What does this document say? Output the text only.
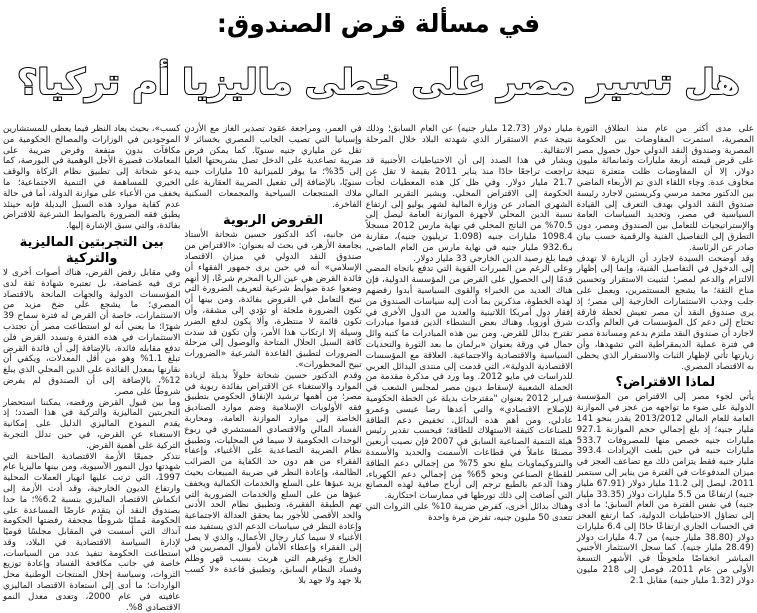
في مسألة قرض الصندوق:
هل تسير مصر على خطى ماليزيا أم تركيا؟

على مدى أكثر من عام منذ انطلاق الثورة المصرية، استمرت المفاوضات بين الحكومة المصرية وصندوق النقد الدولي حول حصول مصر على قرض قيمته أربعة مليارات وثمانمائة مليون دولار، إلا أن المفاوضات ظلت متعثرة نتيجة مخاوف عدة. وجاء اللقاء الذي تم الأربعاء الماضي بين الدكتور محمد مرسي وكريستين لاجارد رئيسة صندوق النقد الدولي بهدف التعرف إلى القيادة السياسية في مصر، وتحديد السياسات العامة والإستراتيجيات للتعامل بين الصندوق ومصر، دون التطرق إلى التفاصيل الفنية والرقمية حسب بيان صادر عن الرئاسة.

وقد أوضحت السيدة لاجارد أن الزيارة لا تهدف إلى الدخول في التفاصيل الفنية، وإنما إلى إظهار الالتزام والدعم لمصر؛ لتثبيت الاستقرار وتحسين مناخ الثقة؛ ما يشجع المستثمرين، ويعمل على جلب وجذب الاستثمارات الخارجية إلى مصر؛ إذ يرى صندوق النقد أن مصر تعيش لحظة فارقة تحتاج إلى دعم كل المؤسسات في العالم وأكدت لاجارد أن صندوق النقد ملتزم بدعم ومساندة مصر في فترة عملية الديمقراطية التي تشهدها، وأن زيارتها تأتي لإظهار الثبات والاستقرار الذي يحظى به الاقتصاد المصري.

لماذا الاقتراض؟

يأتي لجوء مصر إلى الاقتراض من المؤسسة الدولية على ضوء ما تواجهه من عجز في الموازنة العامة للعام المالي 2013/2012 يقدر بنحو 141 مليار جنيه؛ إذ بلغ إجمالي حجم الموازنة 927.1 مليارات جنيه خصص منها للمصروفات 533.7 مليارات جنيه في حين بلغت الإيرادات 393.4 مليار جنيه فقط يتزامن ذلك مع تضاعف العجز في ميزان المدفوعات في الفترة من يناير إلى سبتمبر 2011، ليصل إلى 11.2 مليار دولار (67.91 مليار جنيه) ارتفاعًا من 5.5 مليارات دولار (33.35 مليار جنيه) في نفس الفترة من العام السابق؛ ما أدى إلى تضاؤل الاحتياطيات الدولية، كما ارتفع العجز في الحساب الجاري ارتفاعًا حادًا إلى 6.4 مليارات دولار (38.80 مليار جنيه) من 4.7 مليارات دولار (28.49 مليار جنيه). كما سجل الاستثمار الأجنبي المباشر انخفاضًا ملحوظًا في الأشهر التسعة الأولى من عام 2011، فوصل إلى 218 مليون دولار (1.32 مليار جنيه) مقابل 2.1

مليار دولار (12.73 مليار جنيه) عن العام السابق؛ وذلك نتيجة عدم الاستقرار الذي شهدته البلاد خلال المرحلة الانتقالية.

ويشار في هذا الصدد إلى أن الاحتياطيات الأجنبية قد تراجعت تراجعًا حادًا منذ يناير 2011 بقيمة لا تقل عن 21.7 مليار دولار. وفي ظل كل هذه المعطيات لجأت الحكومة إلى الاقتراض المحلي. ويشير التقرير المالي الشهري الصادر عن وزارة المالية لشهر يوليو إلى ارتفاع نسبة الدين المحلي لأجهزة الموازنة العامة ليصل إلى 70.5% من الناتج المحلي في نهاية مارس 2012 مسجلاً 1098.4 مليارات جنيه (1.098 تريليون جنيه)، مقارنة بـ932.6 مليار جنيه في نهاية مارس من العام الماضي، فيما بلغ رصيد الدين الخارجي 33 مليار دولار.

وعلى الرغم من المبررات القوية التي تدفع باتجاه المضي قدمًا إلى الحصول على القرض من المؤسسة الدولية، فإن هناك العديد من الخبراء والقوى السياسية أبدوا رفضهم لهذه الخطوة، مذكرين بما أدت إليه سياسات الصندوق من إفقار دول أمريكا اللاتينية والعديد من الدول الأخرى في شرق أوروبا. وهناك بعض النشطاء الذين قدموا مبادرات تقترح بدائل للقرض. ومن بين هذه المبادرات ما كتبه وائل جمال في ورقة بعنوان «برلمان ما بعد الثورة والتحديات السياسية والاقتصادية والاجتماعية. العلاقة مع المؤسسات الاقتصادية الدولية»، التي قدمت إلى منتدى البدائل العربي للدراسات في مايو 2012. وما ورد في مذكرة مقدمة من الحملة الشعبية لإسقاط ديون مصر لمجلس الشعب في فبراير 2012 بعنوان "مقترحات بديلة عن الخطة الحكومية للإصلاح الاقتصادي» والتي أعدها رضا عيسى وعمرو عادلي. ومن أهم هذه البدائل، تخفيض دعم الطاقة للصناعات كثيفة الاستهلاك للطاقة؛ فبحسب تقدير رئيس هيئة التنمية الصناعية السابق في 2007 فإن نصيب أربعين مصنعًا عاملاً في قطاعات الأسمنت والحديد والأسمدة والبتروكيماويات يبلغ نحو 75% من إجمالي دعم الطاقة للقطاع الصناعي ونحو 65% من إجمالي دعم الكهرباء، وهذا الدعم بالطبع ترجم إلى أرباح صافية لهذه المصانع التي أضافت إلى ذلك تورطها في ممارسات احتكارية.

وهناك بدائل أخرى، كفرض ضريبة 10% على الثروات التي تتعدى 50 مليون جنيه، تفرض مرة واحدة

في العمر، ومراجعة عقود تصدير الغاز مع الأردن وإسبانيا التي تصيب الجانب المصري بخسائر لا تقل عن ملياري جنيه سنويًا. كما يمكن فرض ضريبة تصاعدية على الدخل تصل بشريحتها العليا إلى 35%؛ ما يوفر للميزانية 10 مليارات جنيه سنويًا، بالإضافة إلى تفعيل الضريبة العقارية على ملاك المنتجعات السياحية والمجمعات السكنية الفاخرة.

القروض الربوية

من جانبه، أكد الدكتور حسين شحاتة الأستاذ بجامعة الأزهر، في بحث له بعنوان: «الاقتراض من صندوق النقد الدولي في ميزان الاقتصاد الإسلامي» أنه في حين يرى جمهور الفقهاء أن فائدة القرض هي عين الربا المحرم شرعًا، إلا أنهم وضعوا عدة ضوابط شرعية لتعريف الضرورة التي تبيح التعامل في القروض بفائدة، ومن بينها أن تكون الضرورة ملجئة أو تؤدي إلى مشقة، وأن تكون قائمة لا منتظرة، وألا يكون لدفع الضرر وسيلة إلا ارتكاب هذا الأمر، وأن تكون قد سدت كافة السبل الحلال المتاحة والوصول إلى مرحلة الضرورات لتطبيق القاعدة الشرعية «الضرورات تبيح المحظورات».

وقدم الدكتور حسين شحاتة حلولاً بديلة لزيادة الموارد والاستغناء عن الاقتراض بفائدة ربوية في مصر؛ من أهمها ترشيد الإنفاق الحكومي بتطبيق فقه الأولويات الإسلامية وضم موارد الصناديق الخاصة إلى موارد الموازنة العامة، ومحاربة الفساد المالي والاقتصادي المستشري في ربوع الوحدات الحكومية لا سيما في المحليات، وتطبيق نظام الضريبة التصاعدية على الأغنياء، وإعفاء الفقراء من هم دون حد الكفاية من الضرائب الظالمة، وإعادة النظر في ضريبة المبيعات بحيث يزيد عبؤها على السلع والخدمات الكمالية ويخفف عبؤها من على السلع والخدمات الضرورية التي تهم الطبقة الفقيرة، وتطبيق نظام الحد الأدنى والحد الأقصى للأجور بما يحقق العدالة الاجتماعية وإعادة النظر في سياسات الدعم الذي يستفيد منه الأغنياء لا سيما كبار رجال الأعمال، والذي لا يصل إلى الفقراء وإعطاء الأمان لأموال المصريين في الخارج وغيرهم التي هربت بسبب قهر وظلم وفساد النظام السابق، وتطبيق قاعدة «لا كسب بلا جهد ولا جهد بلا

كسب»، بحيث يعاد النظر فيما يعطى للمستشارين الموجودين في الوزارات والمصالح الحكومية من مكافآت بدون منفعة وفرض ضريبة على المعاملات قصيرة الأجل الوهمية في البورصة، كما يدعو شحاتة إلى تطبيق نظام الزكاة والوقف الخيري للمساهمة في التنمية الاجتماعية؛ ما يخفف من الأعباء على موازنة الدولة، أما في حالة عدم كفاية موارد هذه السبل البديلة فإنه حينئذ يطبق فقه الضرورة بالضوابط الشرعية للاقتراض بفائدة، والتي سبق الإشارة إليها.

بين التجربتين الماليزية والتركية

وفي مقابل رفض القرض، هناك أصوات أخرى لا ترى فيه غضاضة، بل تعتبره شهادة ثقة لدى المؤسسات الدولية والجهات المانحة بالاقتصاد المصري؛ ما يشجع على ضخ مزيد من الاستثمارات، خاصة أن القرض له فترة سماح 39 شهرًا؛ ما يعني أنه لو استطاعت مصر أن تجتذب الاستثمارات في هذه الفترة وتسدد القرض فلن تدفع مقابله فائدة، بالإضافة إلى أن فائدة القرض تبلغ 1.1% وهو من أقل المعدلات، ويكفي أن نقارنها بمعدل الفائدة على الدين المحلي الذي يبلغ 12%، بالإضافة إلى أن الصندوق لم يفرض شروطًا على مصر.

وما بين قبول القرض ورفضه، يمكننا استحضار التجربتين الماليزية والتركية في هذا الصدد؛ إذ يقدم النموذج الماليزي الدليل على إمكانية الاستغناء عن القرض، في حين تدلل التجربة التركية على أهمية القرض.

نتذكر جميعًا الأزمة الاقتصادية الطاحنة التي شهدتها دول النمور الآسيوية، ومن بينها ماليزيا عام 1997، التي ترتب عليها انهيار العملات المحلية وارتفاع الديون الخارجية، وقد أدت الأزمة إلى انكماش الاقتصاد الماليزي بنسبة 6.2%؛ ما حدا بصندوق النقد أن يتقدم عارضًا المساعدة على الحكومة مُمليًا شروطًا مجحفة رفضتها الحكومة آنذاك التي أسست في المقابل مجلسًا قوميًا لإدارة السياسة الاقتصادية في البلاد، وقد استطاعت الحكومة تنفيذ عدد من السياسات، خاصة في جانب مكافحة الفساد وإعادة توزيع الثروات، وسياسة إحلال المنتجات الوطنية محل الواردات؛ ما أدى إلى استعادة الاقتصاد الماليزي عافيته في عام 2000، وتعدى معدل النمو الاقتصادي 8%.
